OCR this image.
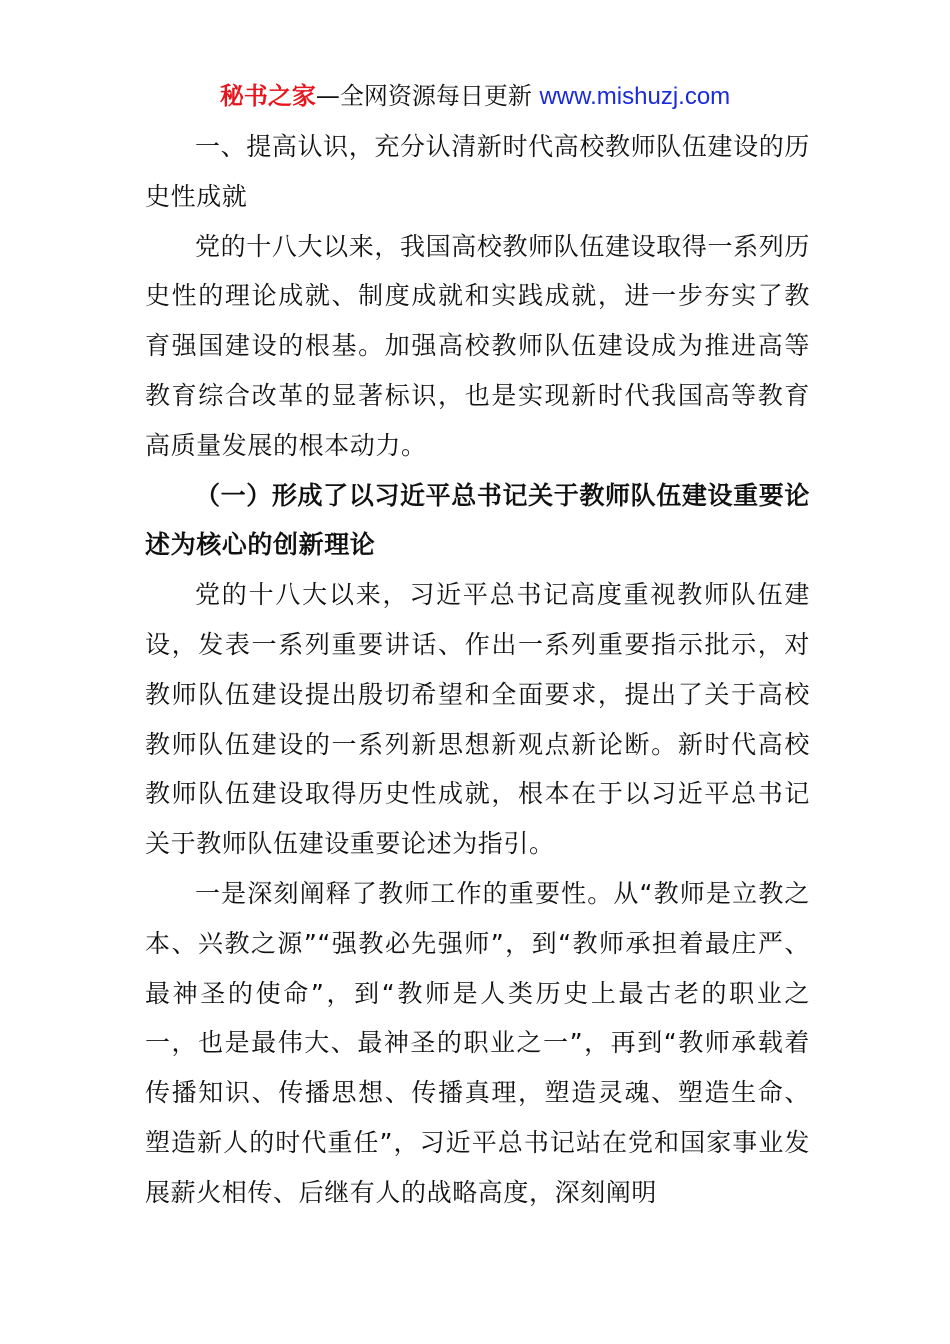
秘书之家—全网资源每日更新 www.mishuzj.com

一、提高认识，充分认清新时代高校教师队伍建设的历史性成就

党的十八大以来，我国高校教师队伍建设取得一系列历史性的理论成就、制度成就和实践成就，进一步夯实了教育强国建设的根基。加强高校教师队伍建设成为推进高等教育综合改革的显著标识，也是实现新时代我国高等教育高质量发展的根本动力。

（一）形成了以习近平总书记关于教师队伍建设重要论述为核心的创新理论

党的十八大以来，习近平总书记高度重视教师队伍建设，发表一系列重要讲话、作出一系列重要指示批示，对教师队伍建设提出殷切希望和全面要求，提出了关于高校教师队伍建设的一系列新思想新观点新论断。新时代高校教师队伍建设取得历史性成就，根本在于以习近平总书记关于教师队伍建设重要论述为指引。

一是深刻阐释了教师工作的重要性。从“教师是立教之本、兴教之源”“强教必先强师”，到“教师承担着最庄严、最神圣的使命”，到“教师是人类历史上最古老的职业之一，也是最伟大、最神圣的职业之一”，再到“教师承载着传播知识、传播思想、传播真理，塑造灵魂、塑造生命、塑造新人的时代重任”，习近平总书记站在党和国家事业发展薪火相传、后继有人的战略高度，深刻阐明
